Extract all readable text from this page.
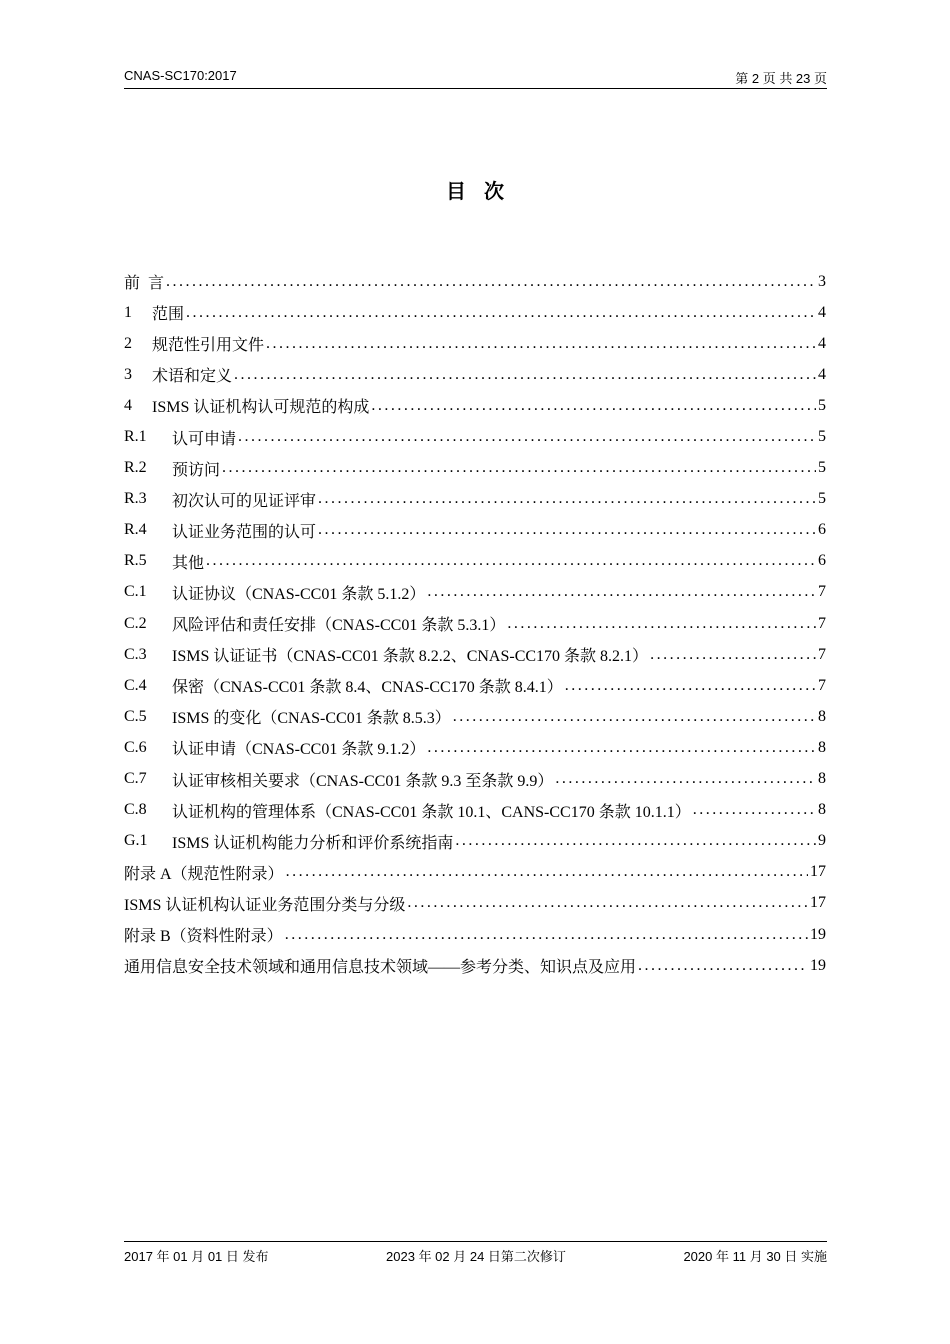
CNAS-SC170:2017	第 2 页 共 23 页
目次
前  言 . . .	3
1	范围 . . .	4
2	规范性引用文件 . . .	4
3	术语和定义 . . .	4
4	ISMS 认证机构认可规范的构成 . . .	5
R.1	认可申请 . . .	5
R.2	预访问 . . .	5
R.3	初次认可的见证评审 . . .	5
R.4	认证业务范围的认可 . . .	6
R.5	其他 . . .	6
C.1	认证协议（CNAS-CC01 条款 5.1.2） . . .	7
C.2	风险评估和责任安排（CNAS-CC01 条款 5.3.1） . . .	7
C.3	ISMS 认证证书（CNAS-CC01 条款 8.2.2、CNAS-CC170 条款 8.2.1） . . .	7
C.4	保密（CNAS-CC01 条款 8.4、CNAS-CC170 条款 8.4.1） . . .	7
C.5	ISMS 的变化（CNAS-CC01 条款 8.5.3） . . .	8
C.6	认证申请（CNAS-CC01 条款 9.1.2） . . .	8
C.7	认证审核相关要求（CNAS-CC01 条款 9.3 至条款 9.9） . . .	8
C.8	认证机构的管理体系（CNAS-CC01 条款 10.1、CANS-CC170 条款 10.1.1） . . .	8
G.1	ISMS 认证机构能力分析和评价系统指南 . . .	9
附录 A（规范性附录） . . .	17
ISMS 认证机构认证业务范围分类与分级 . . .	17
附录 B（资料性附录） . . .	19
通用信息安全技术领域和通用信息技术领域——参考分类、知识点及应用 . . .	19
2017 年 01 月 01 日 发布	2023 年 02 月 24 日第二次修订	2020 年 11 月 30 日 实施
